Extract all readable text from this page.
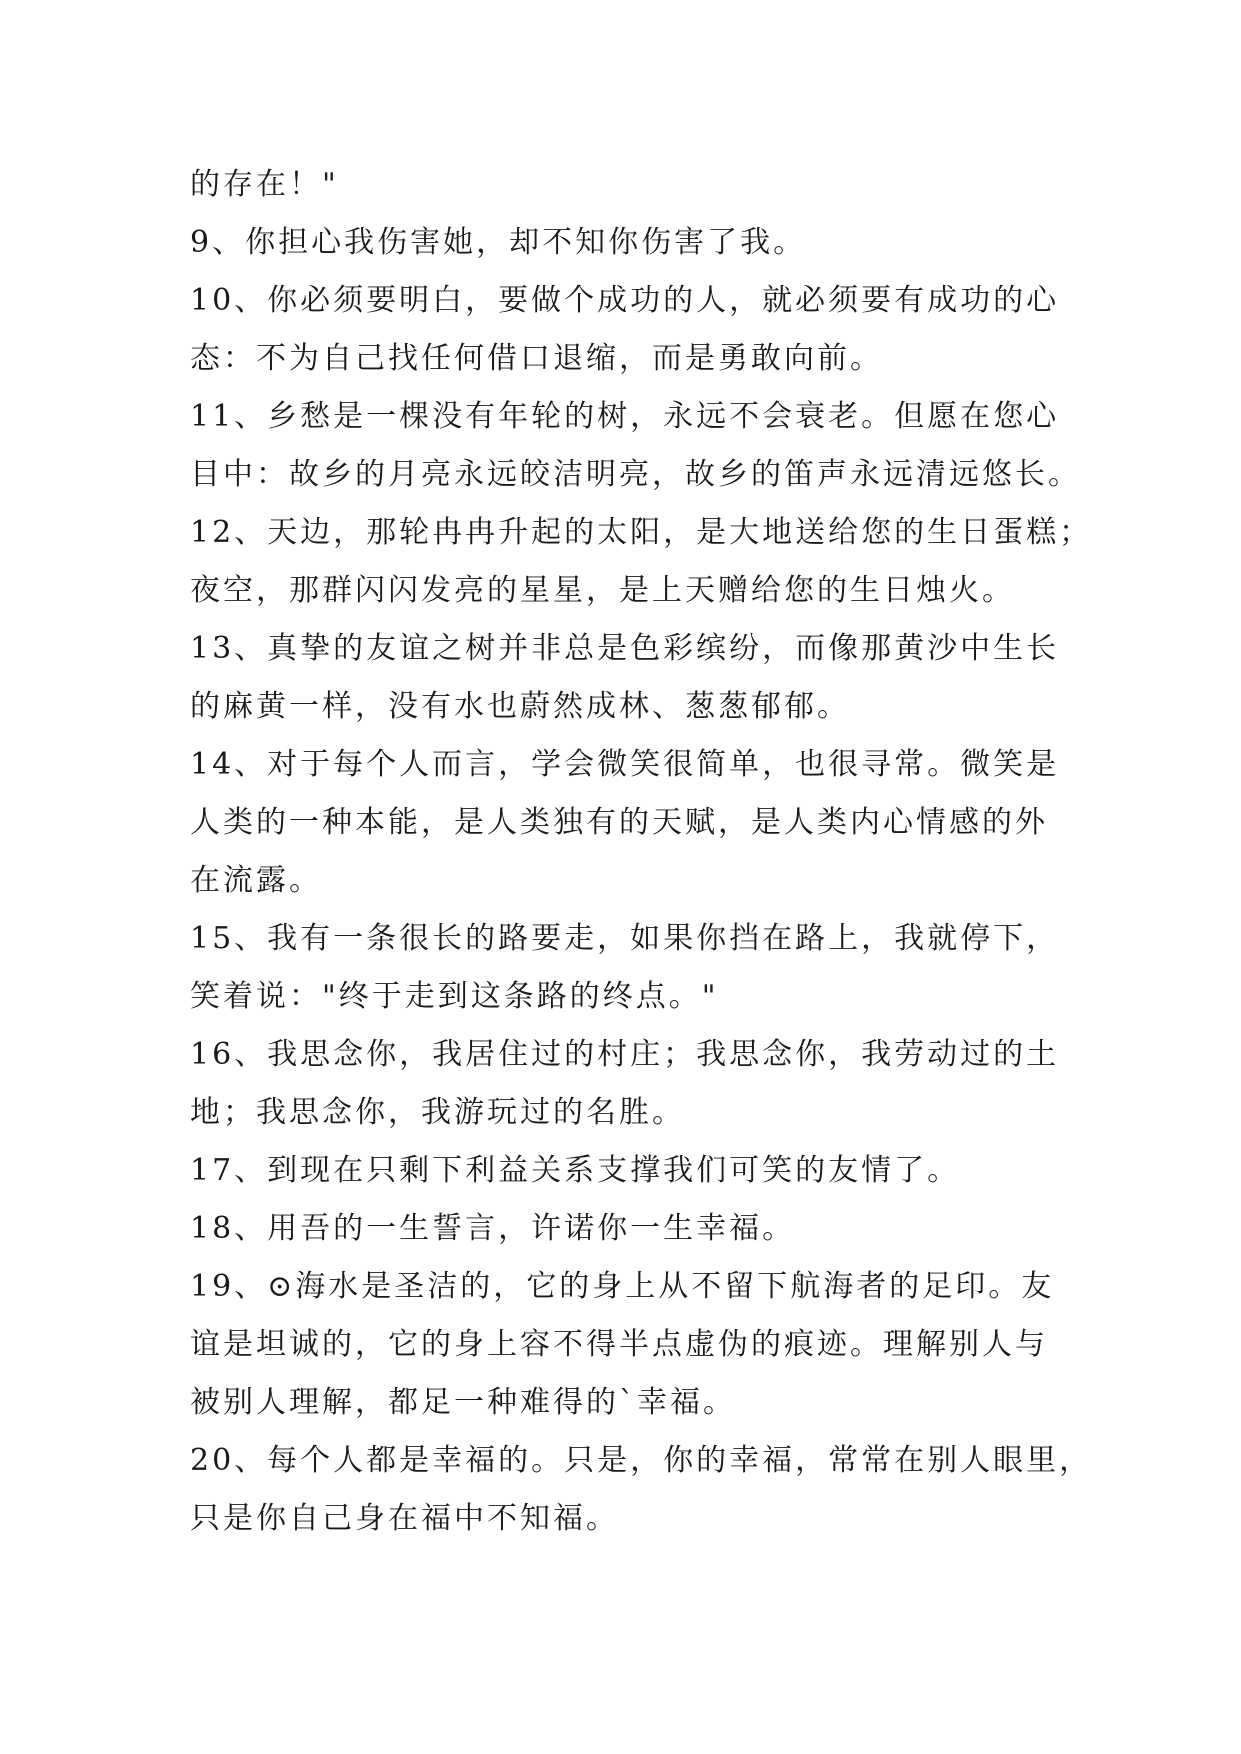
的存在！"
9、你担心我伤害她，却不知你伤害了我。
10、你必须要明白，要做个成功的人，就必须要有成功的心
态：不为自己找任何借口退缩，而是勇敢向前。
11、乡愁是一棵没有年轮的树，永远不会衰老。但愿在您心
目中：故乡的月亮永远皎洁明亮，故乡的笛声永远清远悠长。
12、天边，那轮冉冉升起的太阳，是大地送给您的生日蛋糕；
夜空，那群闪闪发亮的星星，是上天赠给您的生日烛火。
13、真挚的友谊之树并非总是色彩缤纷，而像那黄沙中生长
的麻黄一样，没有水也蔚然成林、葱葱郁郁。
14、对于每个人而言，学会微笑很简单，也很寻常。微笑是
人类的一种本能，是人类独有的天赋，是人类内心情感的外
在流露。
15、我有一条很长的路要走，如果你挡在路上，我就停下，
笑着说："终于走到这条路的终点。"
16、我思念你，我居住过的村庄；我思念你，我劳动过的土
地；我思念你，我游玩过的名胜。
17、到现在只剩下利益关系支撑我们可笑的友情了。
18、用吾的一生誓言，许诺你一生幸福。
19、⊙海水是圣洁的，它的身上从不留下航海者的足印。友
谊是坦诚的，它的身上容不得半点虚伪的痕迹。理解别人与
被别人理解，都足一种难得的`幸福。
20、每个人都是幸福的。只是，你的幸福，常常在别人眼里，
只是你自己身在福中不知福。
